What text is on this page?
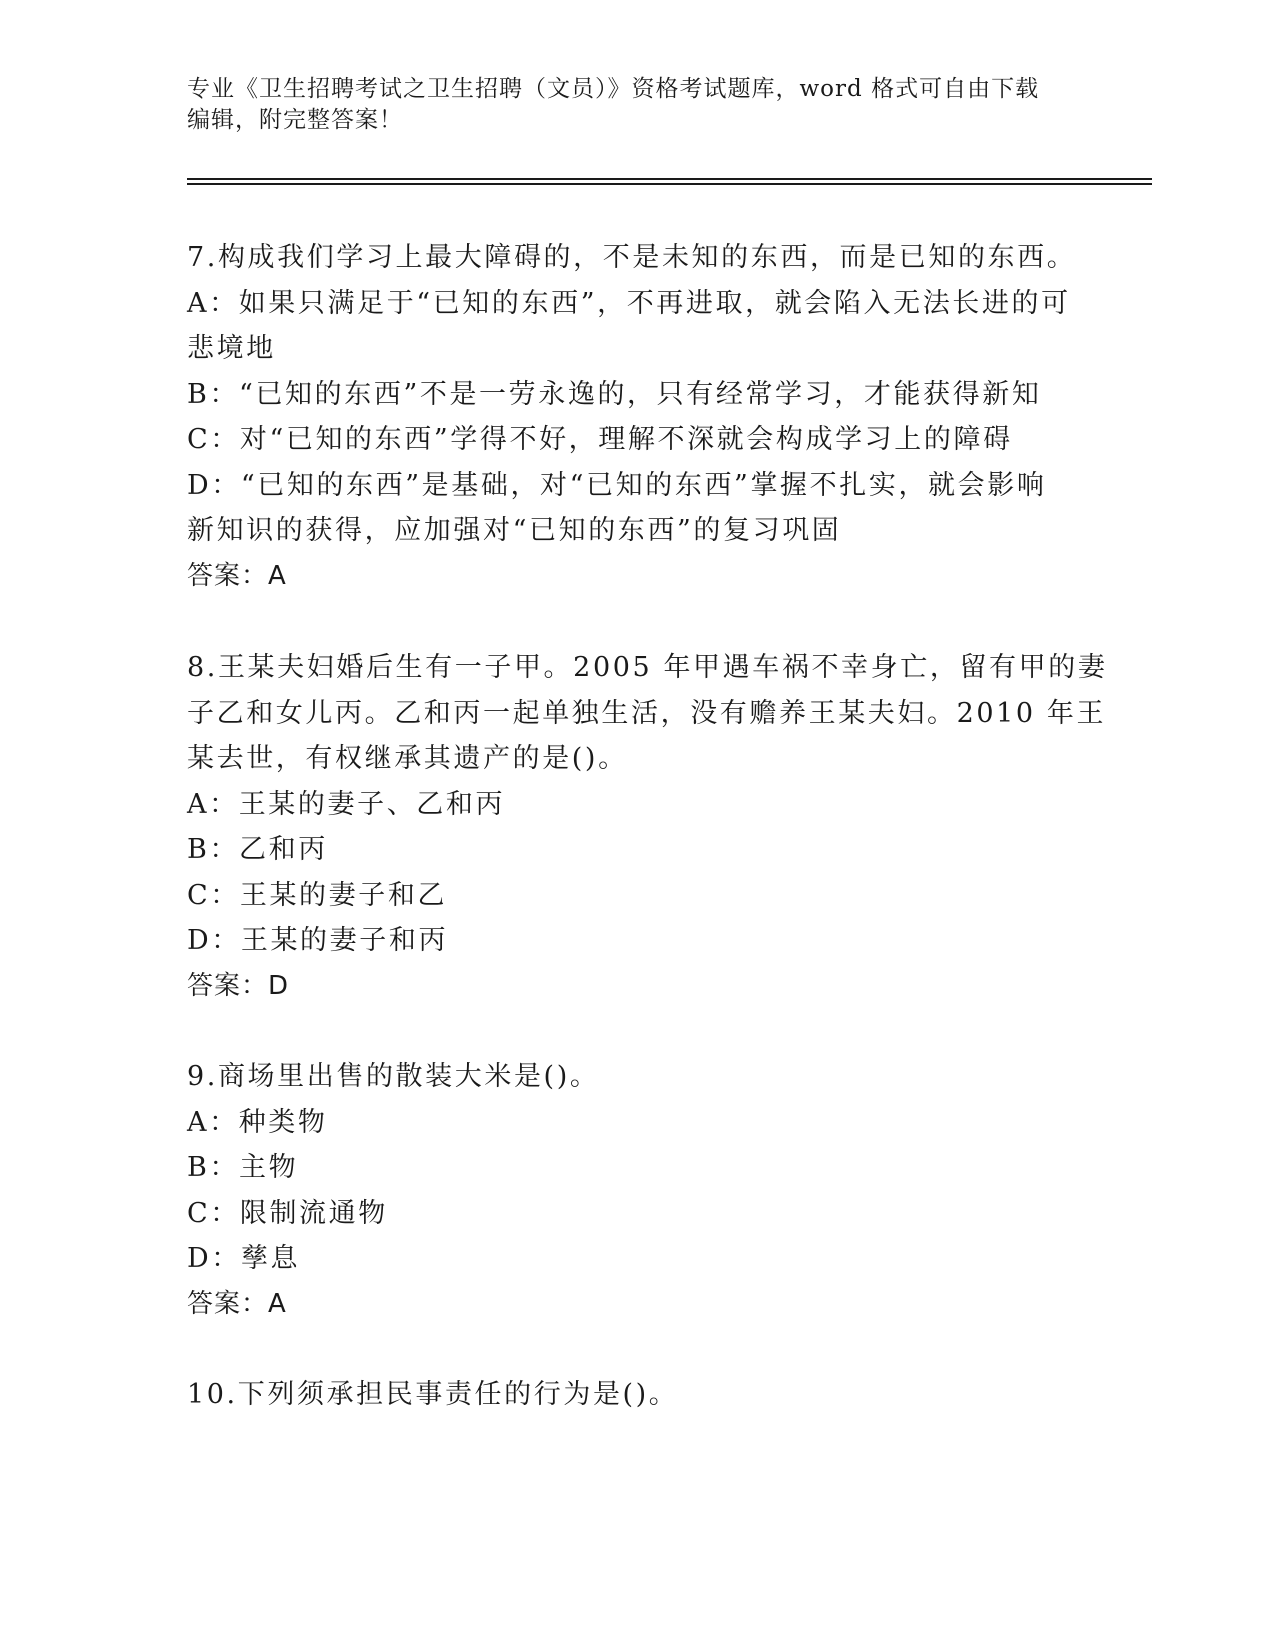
专业《卫生招聘考试之卫生招聘（文员）》资格考试题库，word 格式可自由下载
编辑，附完整答案！
7.构成我们学习上最大障碍的，不是未知的东西，而是已知的东西。
A：如果只满足于“已知的东西”，不再进取，就会陷入无法长进的可
悲境地
B：“已知的东西”不是一劳永逸的，只有经常学习，才能获得新知
C：对“已知的东西”学得不好，理解不深就会构成学习上的障碍
D：“已知的东西”是基础，对“已知的东西”掌握不扎实，就会影响
新知识的获得，应加强对“已知的东西”的复习巩固
答案：A
8.王某夫妇婚后生有一子甲。2005 年甲遇车祸不幸身亡，留有甲的妻
子乙和女儿丙。乙和丙一起单独生活，没有赡养王某夫妇。2010 年王
某去世，有权继承其遗产的是()。
A：王某的妻子、乙和丙
B：乙和丙
C：王某的妻子和乙
D：王某的妻子和丙
答案：D
9.商场里出售的散装大米是()。
A：种类物
B：主物
C：限制流通物
D：孳息
答案：A
10.下列须承担民事责任的行为是()。
